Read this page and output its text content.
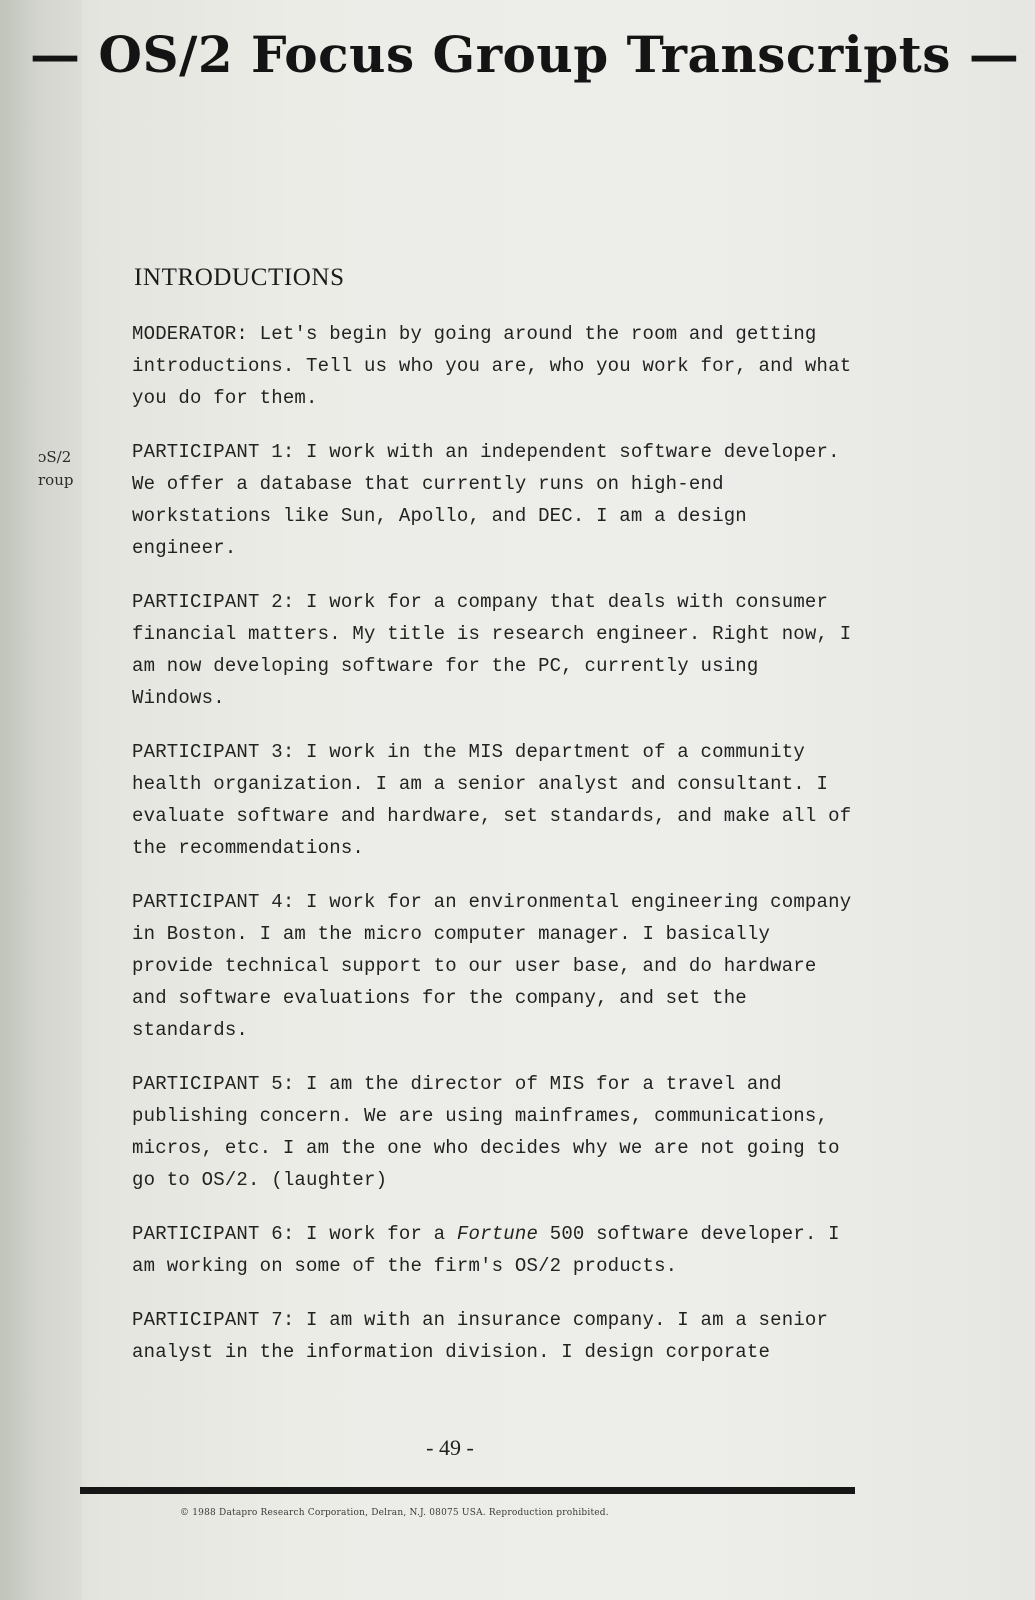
— OS/2 Focus Group Transcripts —
ᴐS/2
roup
INTRODUCTIONS

MODERATOR: Let's begin by going around the room and getting introductions. Tell us who you are, who you work for, and what you do for them.

PARTICIPANT 1: I work with an independent software developer. We offer a database that currently runs on high-end workstations like Sun, Apollo, and DEC. I am a design engineer.

PARTICIPANT 2: I work for a company that deals with consumer financial matters. My title is research engineer. Right now, I am now developing software for the PC, currently using Windows.

PARTICIPANT 3: I work in the MIS department of a community health organization. I am a senior analyst and consultant. I evaluate software and hardware, set standards, and make all of the recommendations.

PARTICIPANT 4: I work for an environmental engineering company in Boston. I am the micro computer manager. I basically provide technical support to our user base, and do hardware and software evaluations for the company, and set the standards.

PARTICIPANT 5: I am the director of MIS for a travel and publishing concern. We are using mainframes, communications, micros, etc. I am the one who decides why we are not going to go to OS/2. (laughter)

PARTICIPANT 6: I work for a Fortune 500 software developer. I am working on some of the firm's OS/2 products.

PARTICIPANT 7: I am with an insurance company. I am a senior analyst in the information division. I design corporate

- 49 -
© 1988 Datapro Research Corporation, Delran, N.J. 08075 USA. Reproduction prohibited.
